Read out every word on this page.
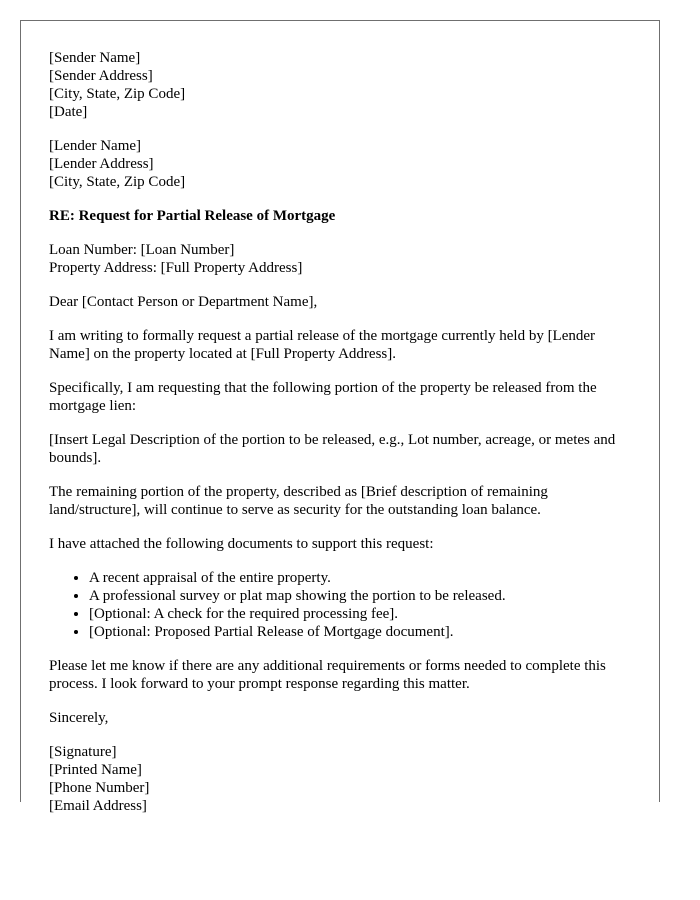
[Sender Name]
[Sender Address]
[City, State, Zip Code]
[Date]
[Lender Name]
[Lender Address]
[City, State, Zip Code]

RE: Request for Partial Release of Mortgage

Loan Number: [Loan Number]
Property Address: [Full Property Address]

Dear [Contact Person or Department Name],

I am writing to formally request a partial release of the mortgage currently held by [Lender Name] on the property located at [Full Property Address].

Specifically, I am requesting that the following portion of the property be released from the mortgage lien:

[Insert Legal Description of the portion to be released, e.g., Lot number, acreage, or metes and bounds].

The remaining portion of the property, described as [Brief description of remaining land/structure], will continue to serve as security for the outstanding loan balance.

I have attached the following documents to support this request:

• A recent appraisal of the entire property.
• A professional survey or plat map showing the portion to be released.
• [Optional: A check for the required processing fee].
• [Optional: Proposed Partial Release of Mortgage document].

Please let me know if there are any additional requirements or forms needed to complete this process. I look forward to your prompt response regarding this matter.

Sincerely,

[Signature]
[Printed Name]
[Phone Number]
[Email Address]
